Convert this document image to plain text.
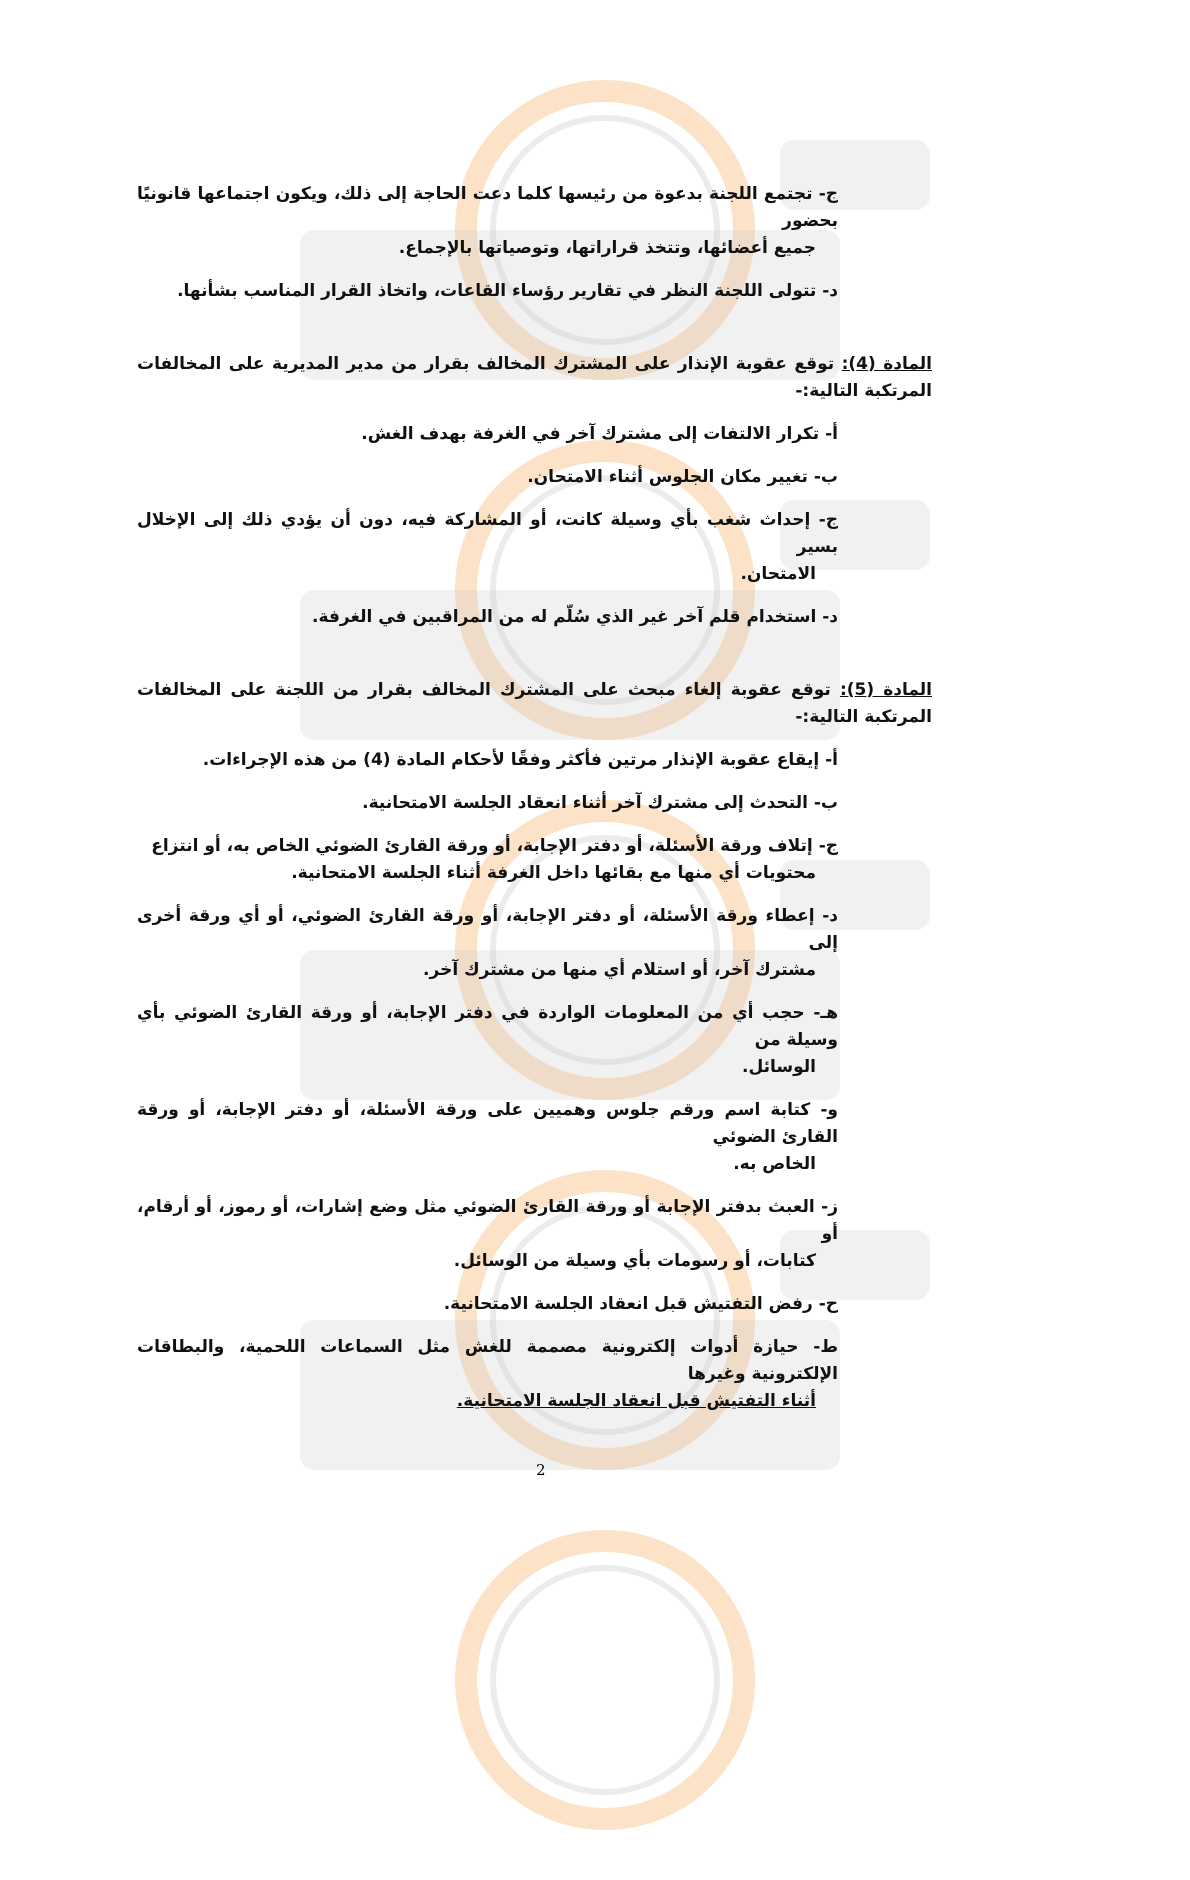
ج- تجتمع اللجنة بدعوة من رئيسها كلما دعت الحاجة إلى ذلك، ويكون اجتماعها قانونيًا بحضور
جميع أعضائها، وتتخذ قراراتها، وتوصياتها بالإجماع.
د- تتولى اللجنة النظر في تقارير رؤساء القاعات، واتخاذ القرار المناسب بشأنها.
المادة (4): توقع عقوبة الإنذار على المشترك المخالف بقرار من مدير المديرية على المخالفات المرتكبة التالية:-
أ- تكرار الالتفات إلى مشترك آخر في الغرفة بهدف الغش.
ب- تغيير مكان الجلوس أثناء الامتحان.
ج- إحداث شغب بأي وسيلة كانت، أو المشاركة فيه، دون أن يؤدي ذلك إلى الإخلال بسير
الامتحان.
د- استخدام قلم آخر غير الذي سُلّم له من المراقبين في الغرفة.
المادة (5): توقع عقوبة إلغاء مبحث على المشترك المخالف بقرار من اللجنة على المخالفات المرتكبة التالية:-
أ- إيقاع عقوبة الإنذار مرتين فأكثر وفقًا لأحكام المادة (4) من هذه الإجراءات.
ب- التحدث إلى مشترك آخر أثناء انعقاد الجلسة الامتحانية.
ج- إتلاف ورقة الأسئلة، أو دفتر الإجابة، أو ورقة القارئ الضوئي الخاص به، أو انتزاع
محتويات أي منها مع بقائها داخل الغرفة أثناء الجلسة الامتحانية.
د- إعطاء ورقة الأسئلة، أو دفتر الإجابة، أو ورقة القارئ الضوئي، أو أي ورقة أخرى إلى
مشترك آخر، أو استلام أي منها من مشترك آخر.
هـ- حجب أي من المعلومات الواردة في دفتر الإجابة، أو ورقة القارئ الضوئي بأي وسيلة من
الوسائل.
و- كتابة اسم ورقم جلوس وهميين على ورقة الأسئلة، أو دفتر الإجابة، أو ورقة القارئ الضوئي
الخاص به.
ز- العبث بدفتر الإجابة أو ورقة القارئ الضوئي مثل وضع إشارات، أو رموز، أو أرقام، أو
كتابات، أو رسومات بأي وسيلة من الوسائل.
ح- رفض التفتيش قبل انعقاد الجلسة الامتحانية.
ط- حيازة أدوات إلكترونية مصممة للغش مثل السماعات اللحمية، والبطاقات الإلكترونية وغيرها
أثناء التفتيش قبل انعقاد الجلسة الامتحانية.
2
